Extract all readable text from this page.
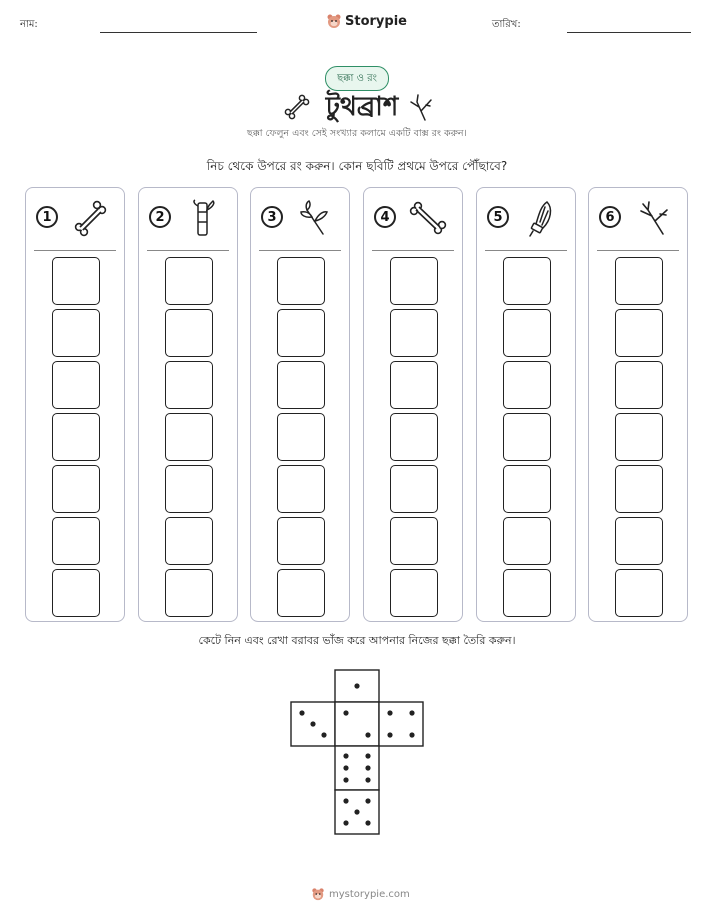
নাম:	Storypie	তারিখ:
ছক্কা ও রং
টুথব্রাশ
ছক্কা ফেলুন এবং সেই সংখ্যার কলামে একটি বাক্স রং করুন।
নিচ থেকে উপরে রং করুন। কোন ছবিটি প্রথমে উপরে পৌঁছাবে?
1	2	3	4	5	6
কেটে নিন এবং রেখা বরাবর ভাঁজ করে আপনার নিজের ছক্কা তৈরি করুন।
mystorypie.com
